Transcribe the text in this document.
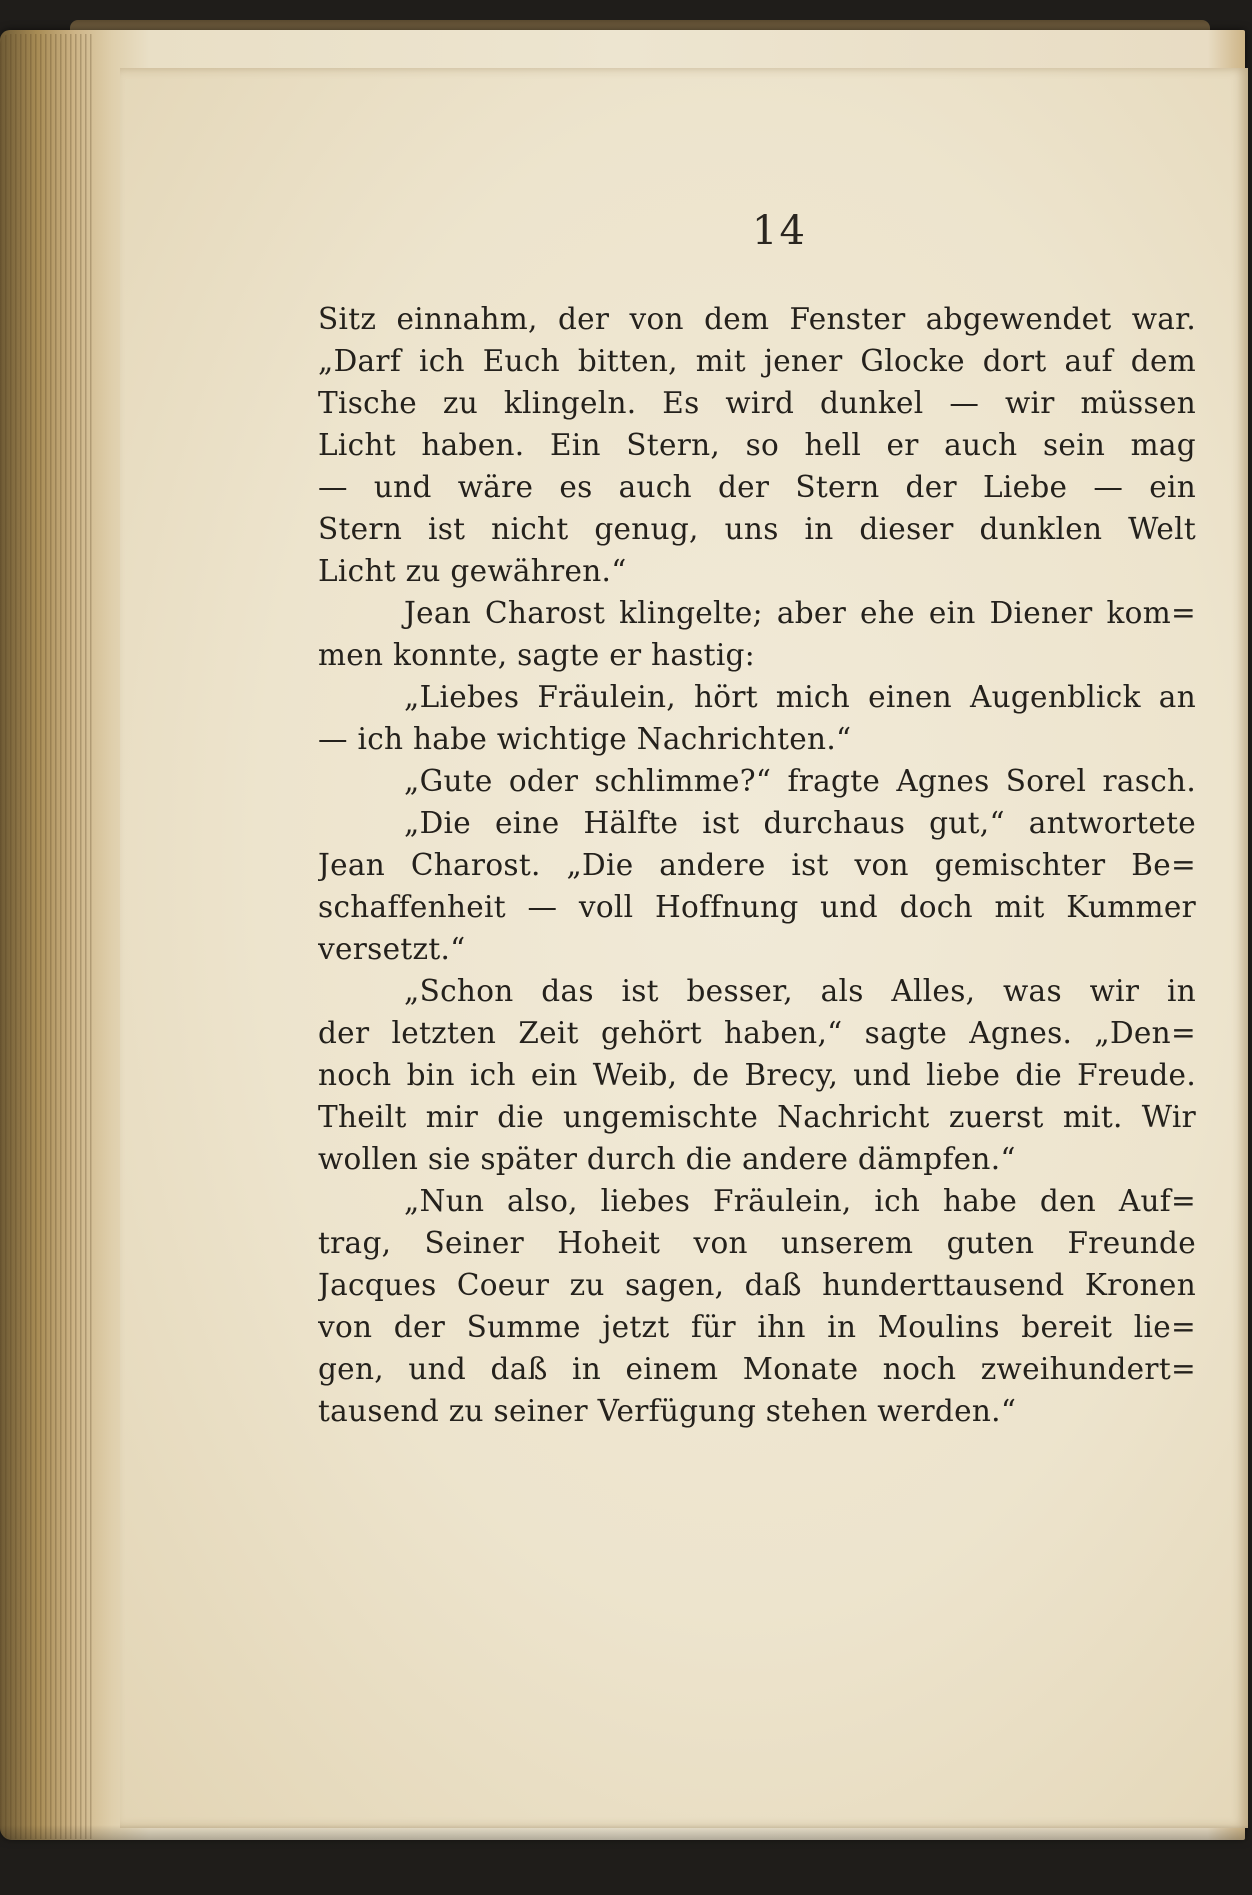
14
Sitz einnahm, der von dem Fenster abgewendet war.
„Darf ich Euch bitten, mit jener Glocke dort auf dem
Tische zu klingeln. Es wird dunkel — wir müssen
Licht haben. Ein Stern, so hell er auch sein mag
— und wäre es auch der Stern der Liebe — ein
Stern ist nicht genug, uns in dieser dunklen Welt
Licht zu gewähren.“
Jean Charost klingelte; aber ehe ein Diener kom=
men konnte, sagte er hastig:
„Liebes Fräulein, hört mich einen Augenblick an
— ich habe wichtige Nachrichten.“
„Gute oder schlimme?“ fragte Agnes Sorel rasch.
„Die eine Hälfte ist durchaus gut,“ antwortete
Jean Charost. „Die andere ist von gemischter Be=
schaffenheit — voll Hoffnung und doch mit Kummer
versetzt.“
„Schon das ist besser, als Alles, was wir in
der letzten Zeit gehört haben,“ sagte Agnes. „Den=
noch bin ich ein Weib, de Brecy, und liebe die Freude.
Theilt mir die ungemischte Nachricht zuerst mit. Wir
wollen sie später durch die andere dämpfen.“
„Nun also, liebes Fräulein, ich habe den Auf=
trag, Seiner Hoheit von unserem guten Freunde
Jacques Coeur zu sagen, daß hunderttausend Kronen
von der Summe jetzt für ihn in Moulins bereit lie=
gen, und daß in einem Monate noch zweihundert=
tausend zu seiner Verfügung stehen werden.“
